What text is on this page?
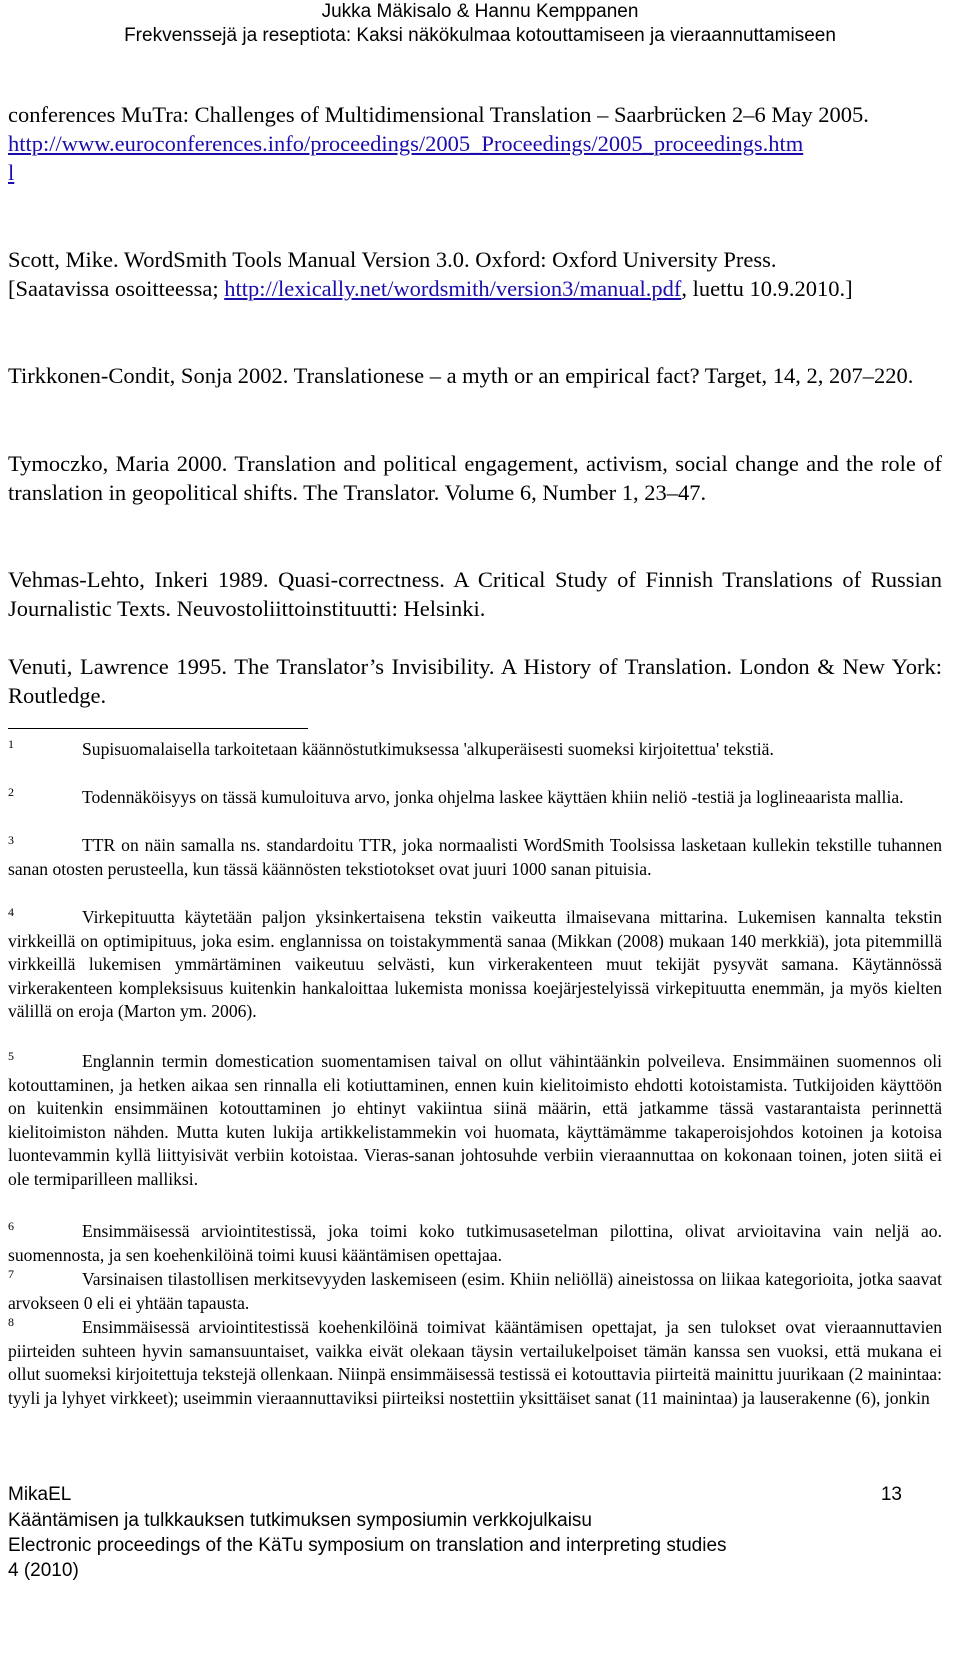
Jukka Mäkisalo & Hannu Kemppanen
Frekvenssejä ja reseptiota: Kaksi näkökulmaa kotouttamiseen ja vieraannuttamiseen
conferences MuTra: Challenges of Multidimensional Translation – Saarbrücken 2–6 May 2005.
http://www.euroconferences.info/proceedings/2005_Proceedings/2005_proceedings.htm
l
Scott, Mike. WordSmith Tools Manual Version 3.0. Oxford: Oxford University Press.
[Saatavissa osoitteessa; http://lexically.net/wordsmith/version3/manual.pdf, luettu 10.9.2010.]
Tirkkonen-Condit, Sonja 2002. Translationese – a myth or an empirical fact? Target, 14, 2, 207–220.
Tymoczko, Maria 2000. Translation and political engagement, activism, social change and the role of translation in geopolitical shifts. The Translator. Volume 6, Number 1, 23–47.
Vehmas-Lehto, Inkeri 1989. Quasi-correctness. A Critical Study of Finnish Translations of Russian Journalistic Texts. Neuvostoliittoinstituutti: Helsinki.
Venuti, Lawrence 1995. The Translator’s Invisibility. A History of Translation. London & New York: Routledge.
1	Supisuomalaisella tarkoitetaan käännöstutkimuksessa 'alkuperäisesti suomeksi kirjoitettua' tekstiä.
2	Todennäköisyys on tässä kumuloituva arvo, jonka ohjelma laskee käyttäen khiin neliö -testiä ja loglineaarista mallia.
3	TTR on näin samalla ns. standardoitu TTR, joka normaalisti WordSmith Toolsissa lasketaan kullekin tekstille tuhannen sanan otosten perusteella, kun tässä käännösten tekstiotokset ovat juuri 1000 sanan pituisia.
4	Virkepituutta käytetään paljon yksinkertaisena tekstin vaikeutta ilmaisevana mittarina. Lukemisen kannalta tekstin virkkeillä on optimipituus, joka esim. englannissa on toistakymmentä sanaa (Mikkan (2008) mukaan 140 merkkiä), jota pitemmillä virkkeillä lukemisen ymmärtäminen vaikeutuu selvästi, kun virkerakenteen muut tekijät pysyvät samana. Käytännössä virkerakenteen kompleksisuus kuitenkin hankaloittaa lukemista monissa koejärjestelyissä virkepituutta enemmän, ja myös kielten välillä on eroja (Marton ym. 2006).
5	Englannin termin domestication suomentamisen taival on ollut vähintäänkin polveileva. Ensimmäinen suomennos oli kotouttaminen, ja hetken aikaa sen rinnalla eli kotiuttaminen, ennen kuin kielitoimisto ehdotti kotoistamista. Tutkijoiden käyttöön on kuitenkin ensimmäinen kotouttaminen jo ehtinyt vakiintua siinä määrin, että jatkamme tässä vastarantaista perinnettä kielitoimiston nähden. Mutta kuten lukija artikkelistammekin voi huomata, käyttämämme takaperoisjohdos kotoinen ja kotoisa luontevammin kyllä liittyisivät verbiin kotoistaa. Vieras-sanan johtosuhde verbiin vieraannuttaa on kokonaan toinen, joten siitä ei ole termiparilleen malliksi.
6	Ensimmäisessä arviointitestissä, joka toimi koko tutkimusasetelman pilottina, olivat arvioitavina vain neljä ao. suomennosta, ja sen koehenkilöinä toimi kuusi kääntämisen opettajaa.
7	Varsinaisen tilastollisen merkitsevyyden laskemiseen (esim. Khiin neliöllä) aineistossa on liikaa kategorioita, jotka saavat arvokseen 0 eli ei yhtään tapausta.
8	Ensimmäisessä arviointitestissä koehenkilöinä toimivat kääntämisen opettajat, ja sen tulokset ovat vieraannuttavien piirteiden suhteen hyvin samansuuntaiset, vaikka eivät olekaan täysin vertailukelpoiset tämän kanssa sen vuoksi, että mukana ei ollut suomeksi kirjoitettuja tekstejä ollenkaan. Niinpä ensimmäisessä testissä ei kotouttavia piirteitä mainittu juurikaan (2 mainintaa: tyyli ja lyhyet virkkeet); useimmin vieraannuttaviksi piirteiksi nostettiin yksittäiset sanat (11 mainintaa) ja lauserakenne (6), jonkin
MikaEL	13
Kääntämisen ja tulkkauksen tutkimuksen symposiumin verkkojulkaisu
Electronic proceedings of the KäTu symposium on translation and interpreting studies
4 (2010)
